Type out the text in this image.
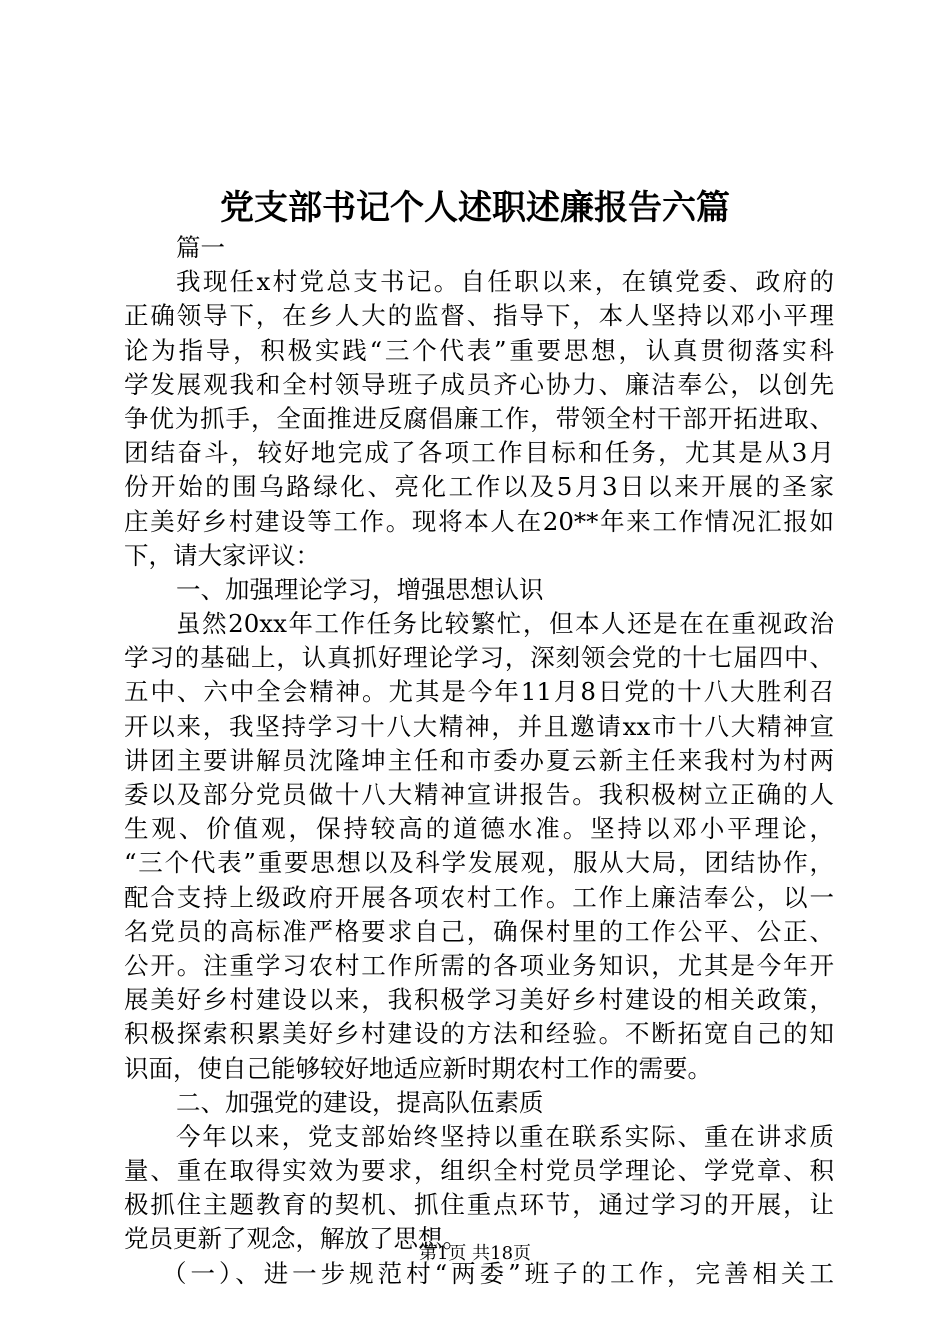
党支部书记个人述职述廉报告六篇
篇一
我现任x村党总支书记。自任职以来，在镇党委、政府的
正确领导下，在乡人大的监督、指导下，本人坚持以邓小平理
论为指导，积极实践“三个代表”重要思想，认真贯彻落实科
学发展观我和全村领导班子成员齐心协力、廉洁奉公，以创先
争优为抓手，全面推进反腐倡廉工作，带领全村干部开拓进取、
团结奋斗，较好地完成了各项工作目标和任务，尤其是从3月
份开始的围乌路绿化、亮化工作以及5月3日以来开展的圣家
庄美好乡村建设等工作。现将本人在20**年来工作情况汇报如
下，请大家评议：
一、加强理论学习，增强思想认识
虽然20xx年工作任务比较繁忙，但本人还是在在重视政治
学习的基础上，认真抓好理论学习，深刻领会党的十七届四中、
五中、六中全会精神。尤其是今年11月8日党的十八大胜利召
开以来，我坚持学习十八大精神，并且邀请xx市十八大精神宣
讲团主要讲解员沈隆坤主任和市委办夏云新主任来我村为村两
委以及部分党员做十八大精神宣讲报告。我积极树立正确的人
生观、价值观，保持较高的道德水准。坚持以邓小平理论，
“三个代表”重要思想以及科学发展观，服从大局，团结协作，
配合支持上级政府开展各项农村工作。工作上廉洁奉公，以一
名党员的高标准严格要求自己，确保村里的工作公平、公正、
公开。注重学习农村工作所需的各项业务知识，尤其是今年开
展美好乡村建设以来，我积极学习美好乡村建设的相关政策，
积极探索积累美好乡村建设的方法和经验。不断拓宽自己的知
识面，使自己能够较好地适应新时期农村工作的需要。
二、加强党的建设，提高队伍素质
今年以来，党支部始终坚持以重在联系实际、重在讲求质
量、重在取得实效为要求，组织全村党员学理论、学党章、积
极抓住主题教育的契机、抓住重点环节，通过学习的开展，让
党员更新了观念，解放了思想。
（一）、进一步规范村“两委”班子的工作，完善相关工
第1页 共18页
